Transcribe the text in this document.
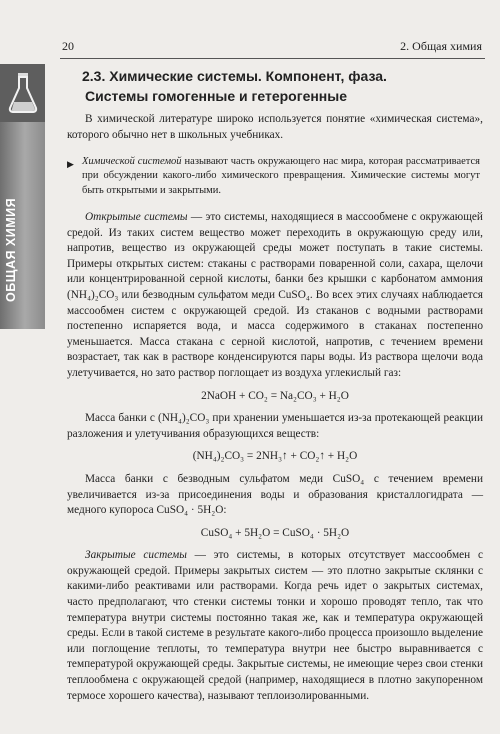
20	2. Общая химия
ОБЩАЯ ХИМИЯ
2.3. Химические системы. Компонент, фаза.
Системы гомогенные и гетерогенные

В химической литературе широко используется понятие «химическая система», которого обычно нет в школьных учебниках.

▶ Химической системой называют часть окружающего нас мира, которая рассматривается при обсуждении какого-либо химического превращения. Химические системы могут быть открытыми и закрытыми.

Открытые системы — это системы, находящиеся в массообмене с окружающей средой. Из таких систем вещество может переходить в окружающую среду или, напротив, вещество из окружающей среды может поступать в такие системы. Примеры открытых систем: стаканы с растворами поваренной соли, сахара, щелочи или концентрированной серной кислоты, банки без крышки с карбонатом аммония (NH₄)₂CO₃ или безводным сульфатом меди CuSO₄. Во всех этих случаях наблюдается массообмен систем с окружающей средой. Из стаканов с водными растворами постепенно испаряется вода, и масса содержимого в стаканах постепенно уменьшается. Масса стакана с серной кислотой, напротив, с течением времени возрастает, так как в растворе конденсируются пары воды. Из раствора щелочи вода улетучивается, но зато раствор поглощает из воздуха углекислый газ:

2NaOH + CO₂ = Na₂CO₃ + H₂O

Масса банки с (NH₄)₂CO₃ при хранении уменьшается из-за протекающей реакции разложения и улетучивания образующихся веществ:

(NH₄)₂CO₃ = 2NH₃↑ + CO₂↑ + H₂O

Масса банки с безводным сульфатом меди CuSO₄ с течением времени увеличивается из-за присоединения воды и образования кристаллогидрата — медного купороса CuSO₄ · 5H₂O:

CuSO₄ + 5H₂O = CuSO₄ · 5H₂O

Закрытые системы — это системы, в которых отсутствует массообмен с окружающей средой. Примеры закрытых систем — это плотно закрытые склянки с какими-либо реактивами или растворами. Когда речь идет о закрытых системах, часто предполагают, что стенки системы тонки и хорошо проводят тепло, так что температура внутри системы постоянно такая же, как и температура окружающей среды. Если в такой системе в результате какого-либо процесса произошло выделение или поглощение теплоты, то температура внутри нее быстро выравнивается с температурой окружающей среды. Закрытые системы, не имеющие через свои стенки теплообмена с окружающей средой (например, находящиеся в плотно закупоренном термосе хорошего качества), называют теплоизолированными.
